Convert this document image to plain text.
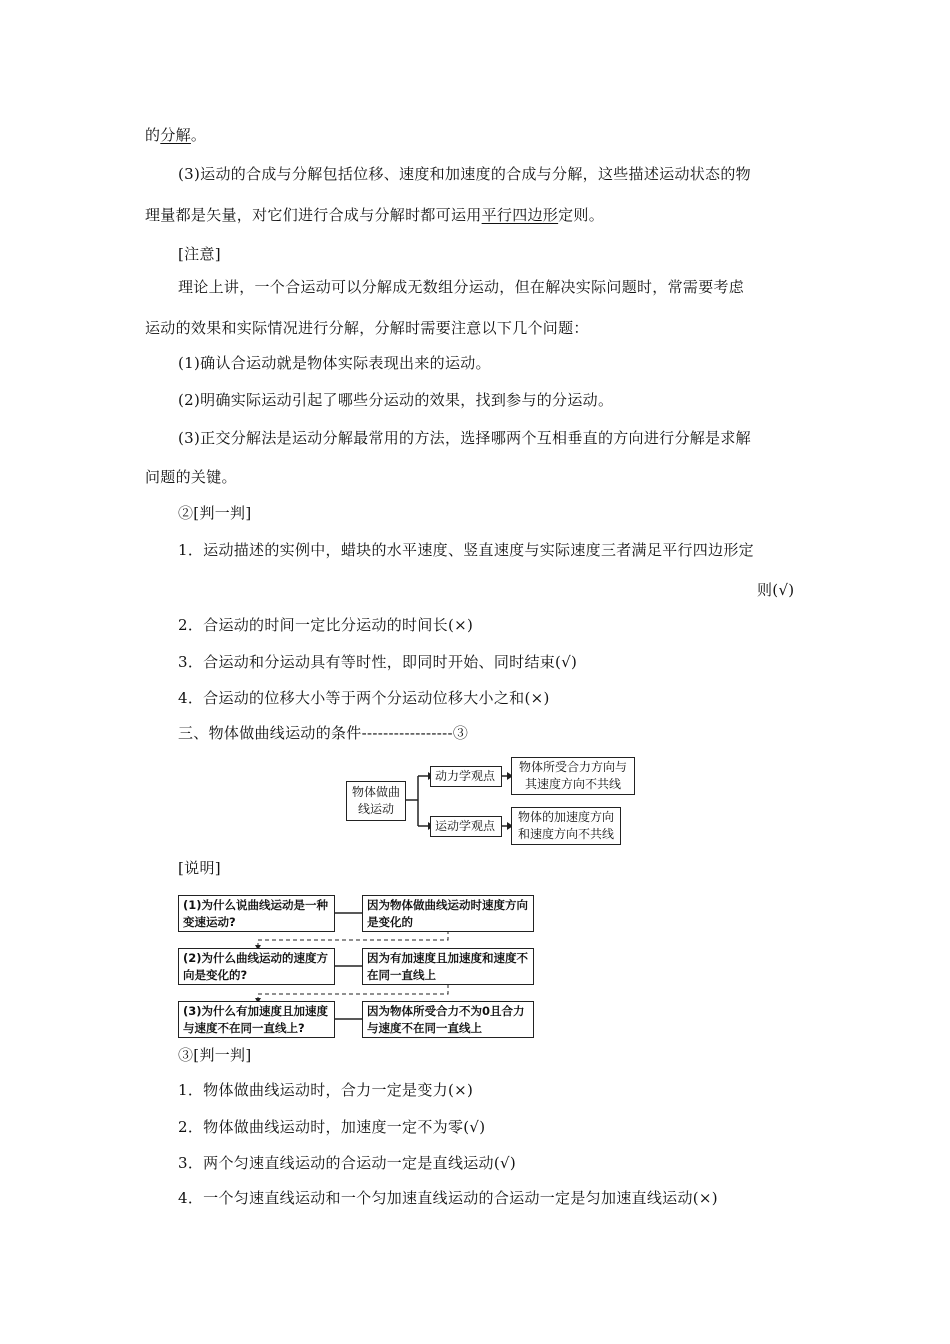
的分解。
(3)运动的合成与分解包括位移、速度和加速度的合成与分解，这些描述运动状态的物
理量都是矢量，对它们进行合成与分解时都可运用平行四边形定则。
[注意]
理论上讲，一个合运动可以分解成无数组分运动，但在解决实际问题时，常需要考虑
运动的效果和实际情况进行分解，分解时需要注意以下几个问题：
(1)确认合运动就是物体实际表现出来的运动。
(2)明确实际运动引起了哪些分运动的效果，找到参与的分运动。
(3)正交分解法是运动分解最常用的方法，选择哪两个互相垂直的方向进行分解是求解
问题的关键。
②[判一判]
1．运动描述的实例中，蜡块的水平速度、竖直速度与实际速度三者满足平行四边形定
则(√)
2．合运动的时间一定比分运动的时间长(×)
3．合运动和分运动具有等时性，即同时开始、同时结束(√)
4．合运动的位移大小等于两个分运动位移大小之和(×)
三、物体做曲线运动的条件-----------------③
物体做曲线运动
动力学观点
物体所受合力方向与其速度方向不共线
运动学观点
物体的加速度方向和速度方向不共线
[说明]
(1)为什么说曲线运动是一种变速运动?
因为物体做曲线运动时速度方向是变化的
(2)为什么曲线运动的速度方向是变化的?
因为有加速度且加速度和速度不在同一直线上
(3)为什么有加速度且加速度与速度不在同一直线上?
因为物体所受合力不为0且合力与速度不在同一直线上
③[判一判]
1．物体做曲线运动时，合力一定是变力(×)
2．物体做曲线运动时，加速度一定不为零(√)
3．两个匀速直线运动的合运动一定是直线运动(√)
4．一个匀速直线运动和一个匀加速直线运动的合运动一定是匀加速直线运动(×)
